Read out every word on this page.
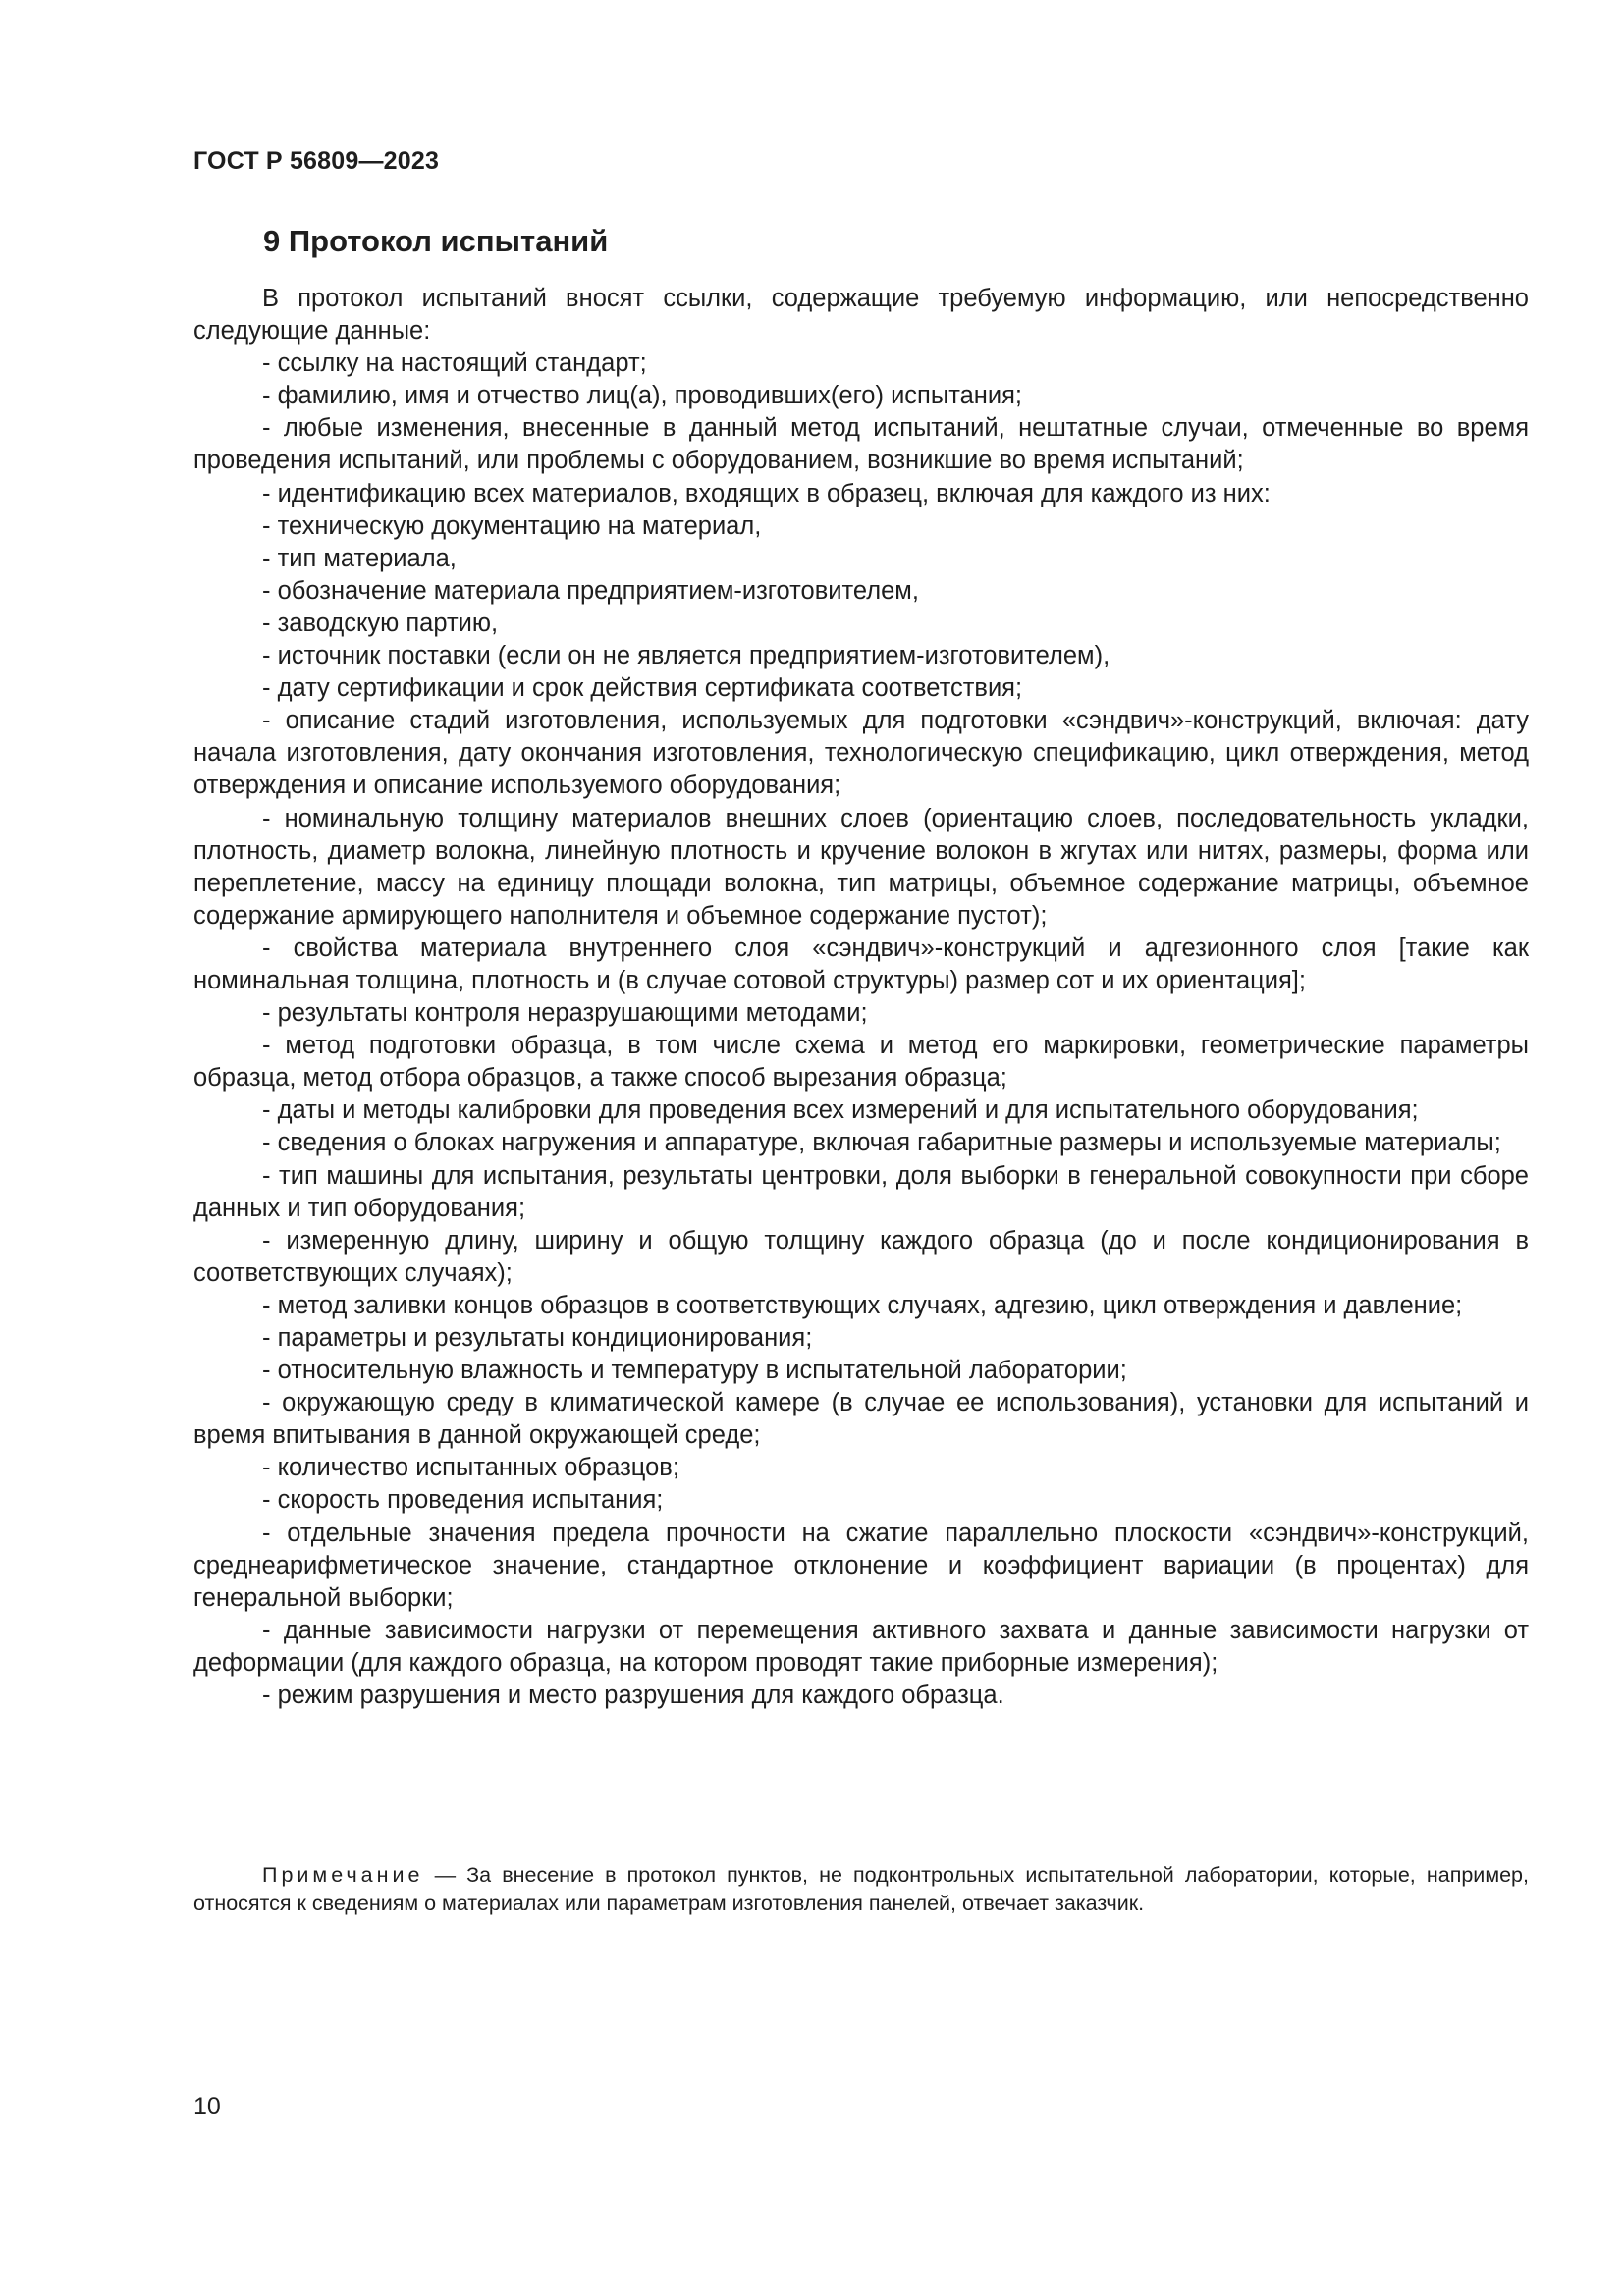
ГОСТ Р 56809—2023
9 Протокол испытаний

В протокол испытаний вносят ссылки, содержащие требуемую информацию, или непосредственно следующие данные:

- ссылку на настоящий стандарт;

- фамилию, имя и отчество лиц(а), проводивших(его) испытания;

- любые изменения, внесенные в данный метод испытаний, нештатные случаи, отмеченные во время проведения испытаний, или проблемы с оборудованием, возникшие во время испытаний;

- идентификацию всех материалов, входящих в образец, включая для каждого из них:

- техническую документацию на материал,

- тип материала,

- обозначение материала предприятием-изготовителем,

- заводскую партию,

- источник поставки (если он не является предприятием-изготовителем),

- дату сертификации и срок действия сертификата соответствия;

- описание стадий изготовления, используемых для подготовки «сэндвич»-конструкций, включая: дату начала изготовления, дату окончания изготовления, технологическую спецификацию, цикл отверждения, метод отверждения и описание используемого оборудования;

- номинальную толщину материалов внешних слоев (ориентацию слоев, последовательность укладки, плотность, диаметр волокна, линейную плотность и кручение волокон в жгутах или нитях, размеры, форма или переплетение, массу на единицу площади волокна, тип матрицы, объемное содержание матрицы, объемное содержание армирующего наполнителя и объемное содержание пустот);

- свойства материала внутреннего слоя «сэндвич»-конструкций и адгезионного слоя [такие как номинальная толщина, плотность и (в случае сотовой структуры) размер сот и их ориентация];

- результаты контроля неразрушающими методами;

- метод подготовки образца, в том числе схема и метод его маркировки, геометрические параметры образца, метод отбора образцов, а также способ вырезания образца;

- даты и методы калибровки для проведения всех измерений и для испытательного оборудования;

- сведения о блоках нагружения и аппаратуре, включая габаритные размеры и используемые материалы;

- тип машины для испытания, результаты центровки, доля выборки в генеральной совокупности при сборе данных и тип оборудования;

- измеренную длину, ширину и общую толщину каждого образца (до и после кондиционирования в соответствующих случаях);

- метод заливки концов образцов в соответствующих случаях, адгезию, цикл отверждения и давление;

- параметры и результаты кондиционирования;

- относительную влажность и температуру в испытательной лаборатории;

- окружающую среду в климатической камере (в случае ее использования), установки для испытаний и время впитывания в данной окружающей среде;

- количество испытанных образцов;

- скорость проведения испытания;

- отдельные значения предела прочности на сжатие параллельно плоскости «сэндвич»-конструкций, среднеарифметическое значение, стандартное отклонение и коэффициент вариации (в процентах) для генеральной выборки;

- данные зависимости нагрузки от перемещения активного захвата и данные зависимости нагрузки от деформации (для каждого образца, на котором проводят такие приборные измерения);

- режим разрушения и место разрушения для каждого образца.

Примечание — За внесение в протокол пунктов, не подконтрольных испытательной лаборатории, которые, например, относятся к сведениям о материалах или параметрам изготовления панелей, отвечает заказчик.

10
